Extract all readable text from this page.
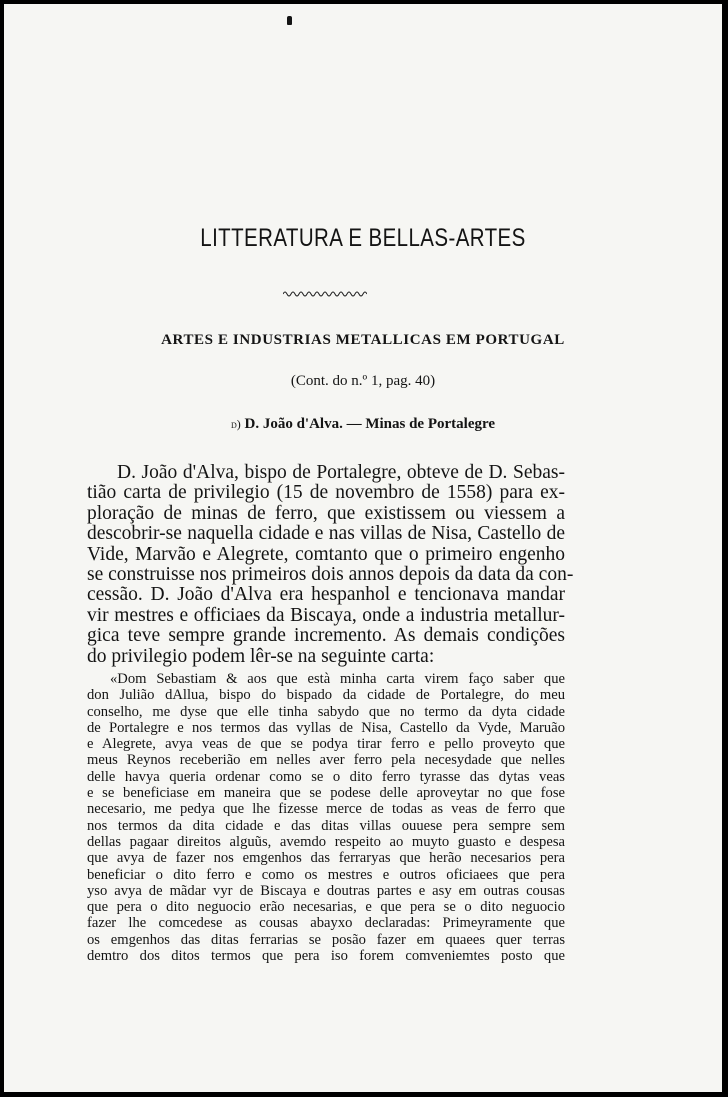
LITTERATURA E BELLAS-ARTES
ARTES E INDUSTRIAS METALLICAS EM PORTUGAL
(Cont. do n.º 1, pag. 40)
d) D. João d'Alva. — Minas de Portalegre
D. João d'Alva, bispo de Portalegre, obteve de D. Sebas-
tião carta de privilegio (15 de novembro de 1558) para ex-
ploração de minas de ferro, que existissem ou viessem a
descobrir-se naquella cidade e nas villas de Nisa, Castello de
Vide, Marvão e Alegrete, comtanto que o primeiro engenho
se construisse nos primeiros dois annos depois da data da con-
cessão. D. João d'Alva era hespanhol e tencionava mandar
vir mestres e officiaes da Biscaya, onde a industria metallur-
gica teve sempre grande incremento. As demais condições
do privilegio podem lêr-se na seguinte carta:
«Dom Sebastiam & aos que està minha carta virem faço saber que
don Julião dAllua, bispo do bispado da cidade de Portalegre, do meu
conselho, me dyse que elle tinha sabydo que no termo da dyta cidade
de Portalegre e nos termos das vyllas de Nisa, Castello da Vyde, Maruão
e Alegrete, avya veas de que se podya tirar ferro e pello proveyto que
meus Reynos receberião em nelles aver ferro pela necesydade que nelles
delle havya queria ordenar como se o dito ferro tyrasse das dytas veas
e se beneficiase em maneira que se podese delle aproveytar no que fose
necesario, me pedya que lhe fizesse merce de todas as veas de ferro que
nos termos da dita cidade e das ditas villas ouuese pera sempre sem
dellas pagaar direitos alguũs, avemdo respeito ao muyto guasto e despesa
que avya de fazer nos emgenhos das ferraryas que herão necesarios pera
beneficiar o dito ferro e como os mestres e outros oficiaees que pera
yso avya de mãdar vyr de Biscaya e doutras partes e asy em outras cousas
que pera o dito neguocio erão necesarias, e que pera se o dito neguocio
fazer lhe comcedese as cousas abayxo declaradas: Primeyramente que
os emgenhos das ditas ferrarias se posão fazer em quaees quer terras
demtro dos ditos termos que pera iso forem comveniemtes posto que
